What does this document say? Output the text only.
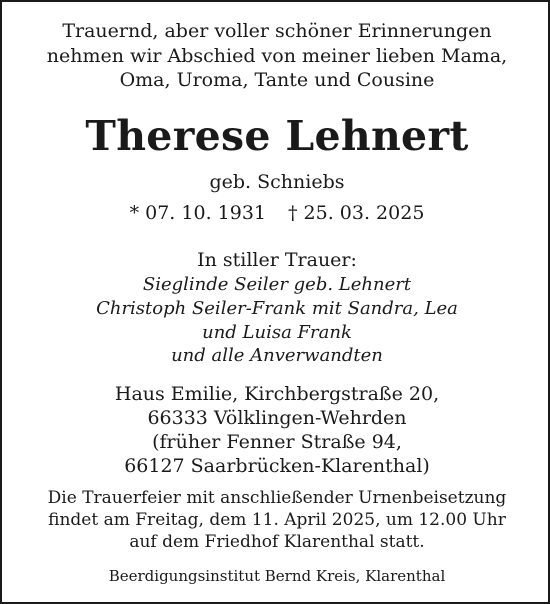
Trauernd, aber voller schöner Erinnerungen
nehmen wir Abschied von meiner lieben Mama,
Oma, Uroma, Tante und Cousine
Therese Lehnert
geb. Schniebs
* 07. 10. 1931 † 25. 03. 2025
In stiller Trauer:
Sieglinde Seiler geb. Lehnert
Christoph Seiler-Frank mit Sandra, Lea
und Luisa Frank
und alle Anverwandten
Haus Emilie, Kirchbergstraße 20,
66333 Völklingen-Wehrden
(früher Fenner Straße 94,
66127 Saarbrücken-Klarenthal)
Die Trauerfeier mit anschließender Urnenbeisetzung
findet am Freitag, dem 11. April 2025, um 12.00 Uhr
auf dem Friedhof Klarenthal statt.
Beerdigungsinstitut Bernd Kreis, Klarenthal
